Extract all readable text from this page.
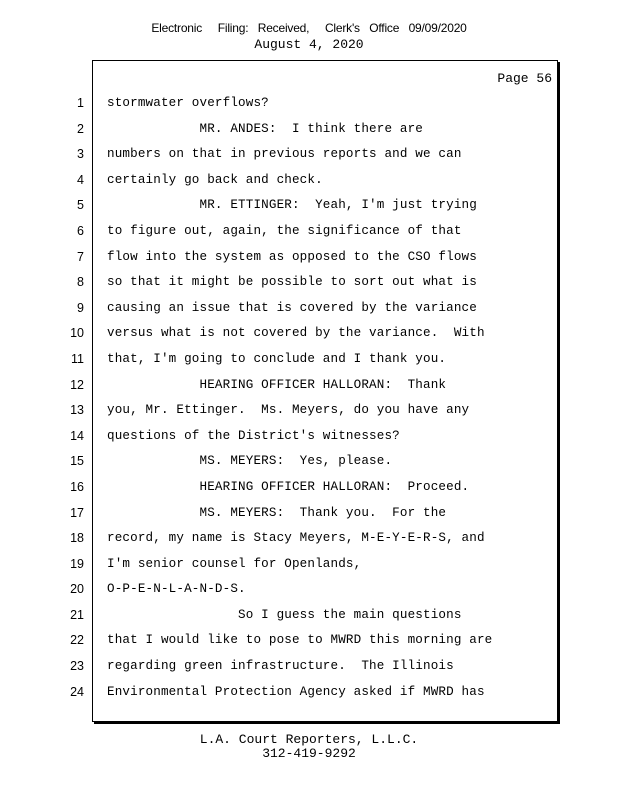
Electronic     Filing:   Received,     Clerk's   Office   09/09/2020
August 4, 2020
Page 56
1
2
3
4
5
6
7
8
9
10
11
12
13
14
15
16
17
18
19
20
21
22
23
24
stormwater overflows?
MR. ANDES:  I think there are
numbers on that in previous reports and we can
certainly go back and check.
MR. ETTINGER:  Yeah, I'm just trying
to figure out, again, the significance of that
flow into the system as opposed to the CSO flows
so that it might be possible to sort out what is
causing an issue that is covered by the variance
versus what is not covered by the variance.  With
that, I'm going to conclude and I thank you.
HEARING OFFICER HALLORAN:  Thank
you, Mr. Ettinger.  Ms. Meyers, do you have any
questions of the District's witnesses?
MS. MEYERS:  Yes, please.
HEARING OFFICER HALLORAN:  Proceed.
MS. MEYERS:  Thank you.  For the
record, my name is Stacy Meyers, M-E-Y-E-R-S, and
I'm senior counsel for Openlands,
O-P-E-N-L-A-N-D-S.
So I guess the main questions
that I would like to pose to MWRD this morning are
regarding green infrastructure.  The Illinois
Environmental Protection Agency asked if MWRD has
L.A. Court Reporters, L.L.C.
312-419-9292
